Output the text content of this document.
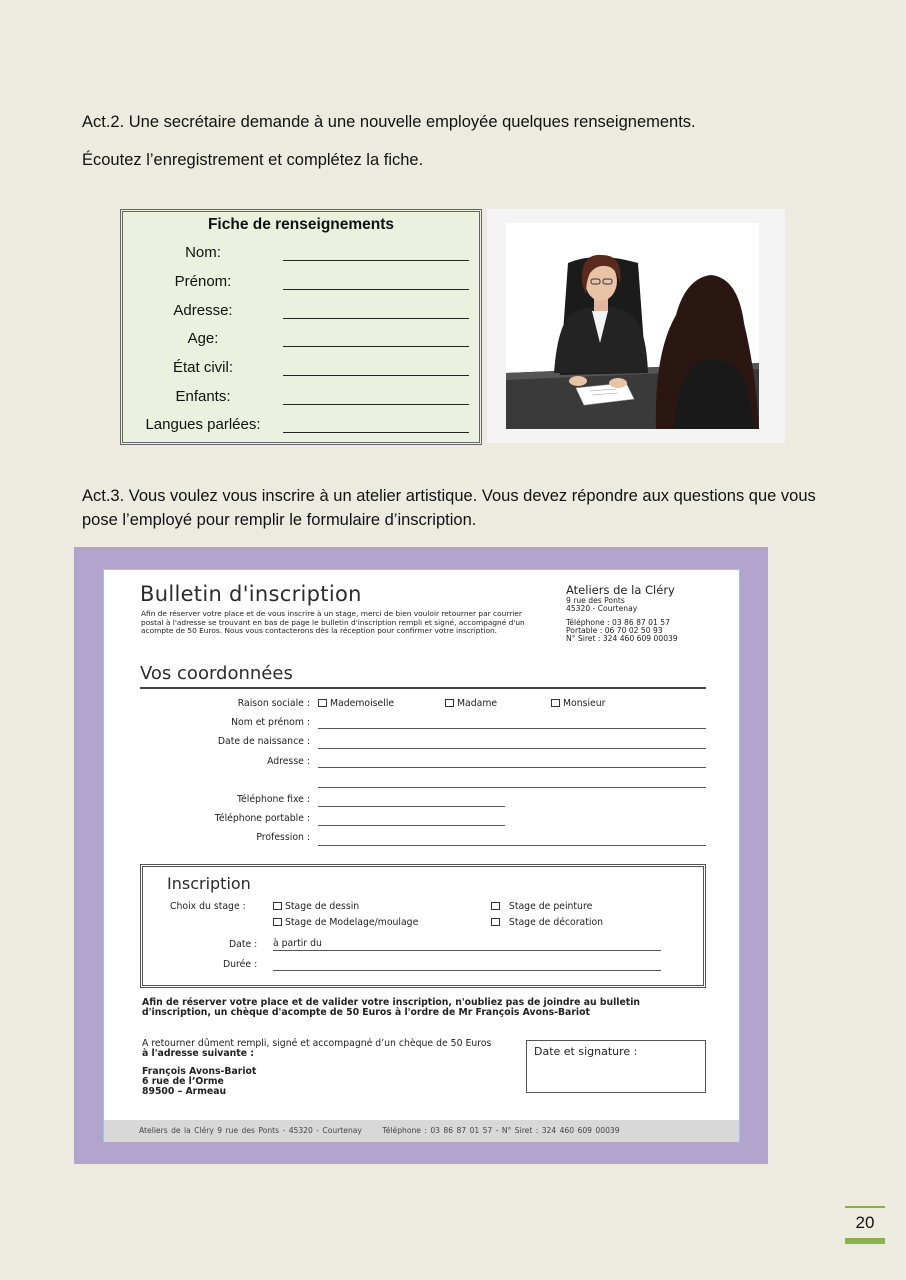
Act.2. Une secrétaire demande à une nouvelle employée quelques renseignements.

Écoutez l’enregistrement et complétez la fiche.

Fiche de renseignements
Nom:
Prénom:
Adresse:
Age:
État civil:
Enfants:
Langues parlées:

Act.3. Vous voulez vous inscrire à un atelier artistique. Vous devez répondre aux questions que vous pose l’employé pour remplir le formulaire d’inscription.

Bulletin d'inscription
Afin de réserver votre place et de vous inscrire à un stage, merci de bien vouloir retourner par courrier postal à l'adresse se trouvant en bas de page le bulletin d'inscription rempli et signé, accompagné d'un acompte de 50 Euros. Nous vous contacterons dès la réception pour confirmer votre inscription.
Ateliers de la Cléry
9 rue des Ponts
45320 - Courtenay
Téléphone : 03 86 87 01 57
Portable : 06 70 02 50 93
N° Siret : 324 460 609 00039
Vos coordonnées
Raison sociale :	Mademoiselle	Madame	Monsieur
Nom et prénom :
Date de naissance :
Adresse :
Téléphone fixe :
Téléphone portable :
Profession :
Inscription
Choix du stage :	Stage de dessin	Stage de peinture
Stage de Modelage/moulage	Stage de décoration
Date : à partir du
Durée :
Afin de réserver votre place et de valider votre inscription, n'oubliez pas de joindre au bulletin d'inscription, un chèque d'acompte de 50 Euros à l'ordre de Mr François Avons-Bariot
A retourner dûment rempli, signé et accompagné d’un chèque de 50 Euros à l'adresse suivante :
François Avons-Bariot
6 rue de l’Orme
89500 – Armeau
Date et signature :
Ateliers de la Cléry 9 rue des Ponts - 45320 - Courtenay	Téléphone : 03 86 87 01 57 - N° Siret : 324 460 609 00039
20
